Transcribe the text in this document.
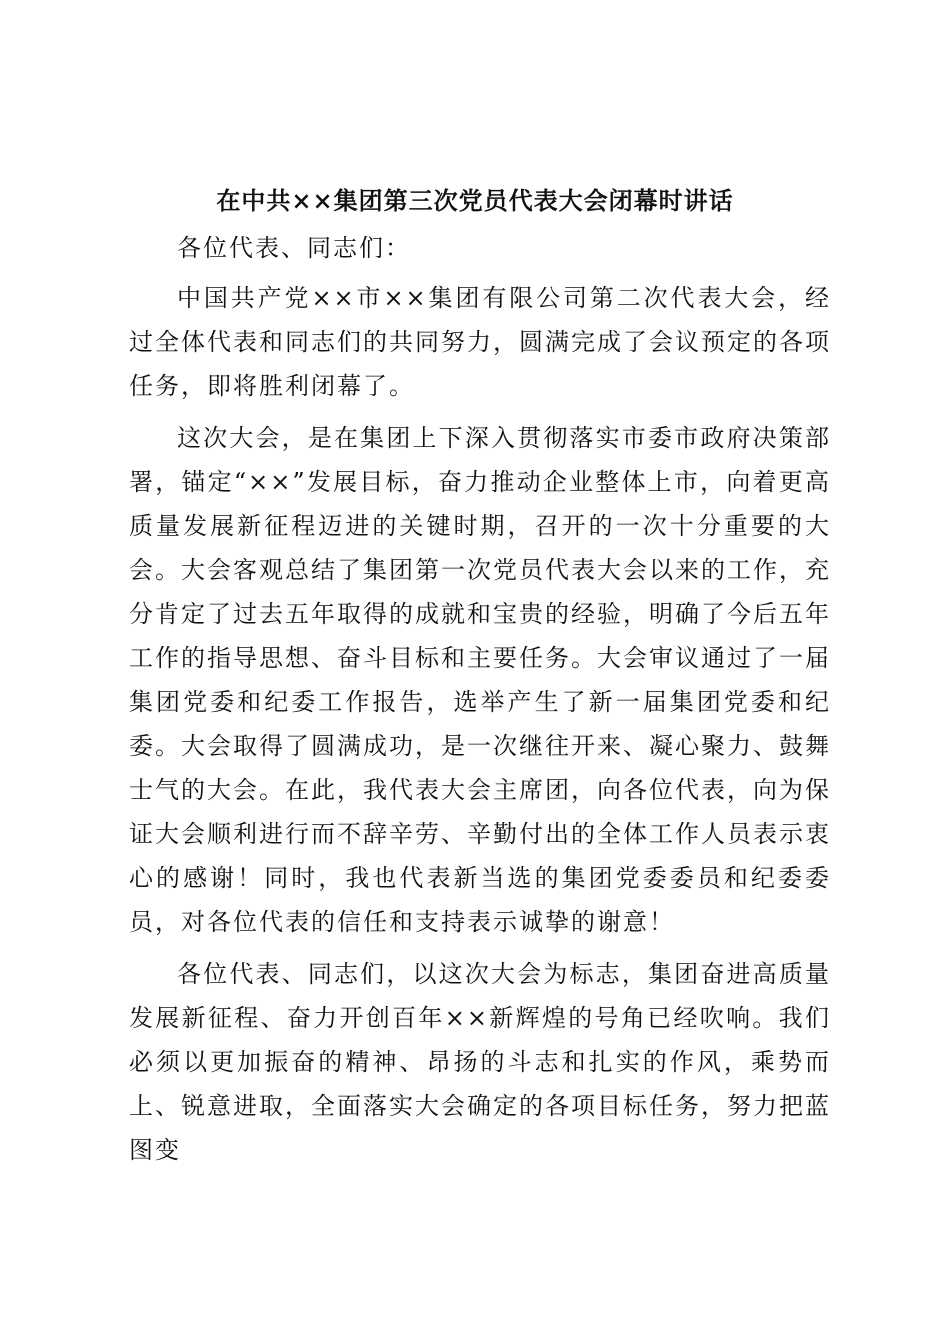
在中共××集团第三次党员代表大会闭幕时讲话

各位代表、同志们：

中国共产党××市××集团有限公司第二次代表大会，经过全体代表和同志们的共同努力，圆满完成了会议预定的各项任务，即将胜利闭幕了。

这次大会，是在集团上下深入贯彻落实市委市政府决策部署，锚定“××”发展目标，奋力推动企业整体上市，向着更高质量发展新征程迈进的关键时期，召开的一次十分重要的大会。大会客观总结了集团第一次党员代表大会以来的工作，充分肯定了过去五年取得的成就和宝贵的经验，明确了今后五年工作的指导思想、奋斗目标和主要任务。大会审议通过了一届集团党委和纪委工作报告，选举产生了新一届集团党委和纪委。大会取得了圆满成功，是一次继往开来、凝心聚力、鼓舞士气的大会。在此，我代表大会主席团，向各位代表，向为保证大会顺利进行而不辞辛劳、辛勤付出的全体工作人员表示衷心的感谢！同时，我也代表新当选的集团党委委员和纪委委员，对各位代表的信任和支持表示诚挚的谢意！

各位代表、同志们，以这次大会为标志，集团奋进高质量发展新征程、奋力开创百年××新辉煌的号角已经吹响。我们必须以更加振奋的精神、昂扬的斗志和扎实的作风，乘势而上、锐意进取，全面落实大会确定的各项目标任务，努力把蓝图变
